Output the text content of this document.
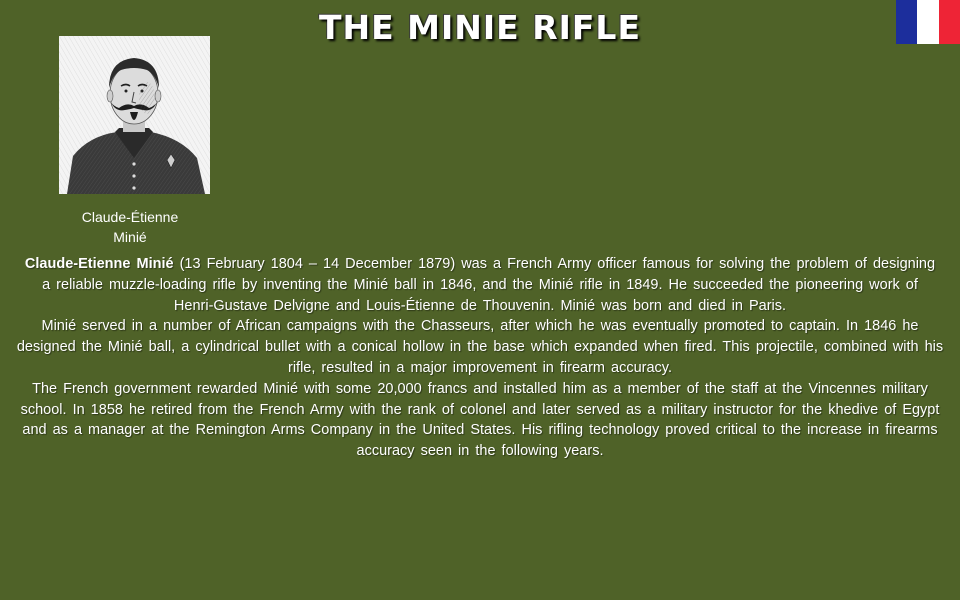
THE MINIE RIFLE
Claude-Étienne
Minié

Claude-Etienne Minié (13 February 1804 – 14 December 1879) was a French Army officer famous for solving the problem of designing a reliable muzzle-loading rifle by inventing the Minié ball in 1846, and the Minié rifle in 1849. He succeeded the pioneering work of Henri-Gustave Delvigne and Louis-Étienne de Thouvenin. Minié was born and died in Paris.

Minié served in a number of African campaigns with the Chasseurs, after which he was eventually promoted to captain. In 1846 he designed the Minié ball, a cylindrical bullet with a conical hollow in the base which expanded when fired. This projectile, combined with his rifle, resulted in a major improvement in firearm accuracy.

The French government rewarded Minié with some 20,000 francs and installed him as a member of the staff at the Vincennes military school. In 1858 he retired from the French Army with the rank of colonel and later served as a military instructor for the khedive of Egypt and as a manager at the Remington Arms Company in the United States. His rifling technology proved critical to the increase in firearms accuracy seen in the following years.
